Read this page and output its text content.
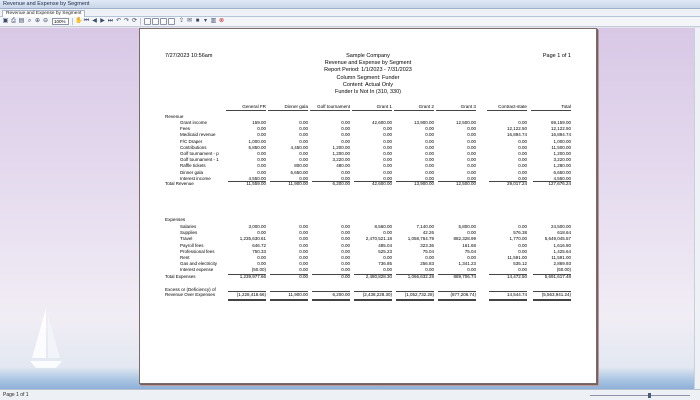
Revenue and Expense by Segment
Revenue and Expense by Segment
▣ ⎙ ▤ ⌕ ⊕ ⊖	100%	✋ ⏮ ◀ ▶ ⏭ ↶ ↷ ⟳	⇪ ✉ ■ ▾ ▥ ⊗
7/27/2023 10:56am	Page 1 of 1
Sample Company
Revenue and Expense by Segment
Report Period: 1/1/2023 - 7/31/2023
Column Segment: Funder
Content: Actual Only
Funder Is Not In (310, 330)
General FR	Dinner gala	Golf tournament	Grant 1	Grant 2	Grant 3	Contract-state	Total
Revenue
Grant income	159.00	0.00	0.00	42,600.00	13,900.00	12,500.00	0.00	69,159.00
Fees	0.00	0.00	0.00	0.00	0.00	0.00	12,122.50	12,122.50
Medicaid revenue	0.00	0.00	0.00	0.00	0.00	0.00	16,894.74	16,894.74
F/C Draper	1,000.00	0.00	0.00	0.00	0.00	0.00	0.00	1,000.00
Contributions	5,850.00	4,450.00	1,200.00	0.00	0.00	0.00	0.00	11,500.00
Golf tournament - p	0.00	0.00	1,200.00	0.00	0.00	0.00	0.00	1,200.00
Golf tournament - 1	0.00	0.00	3,220.00	0.00	0.00	0.00	0.00	3,220.00
Raffle tickets	0.00	800.00	480.00	0.00	0.00	0.00	0.00	1,280.00
Dinner gala	0.00	6,650.00	0.00	0.00	0.00	0.00	0.00	6,650.00
Interest income	4,550.00	0.00	0.00	0.00	0.00	0.00	0.00	4,550.00
Total Revenue	11,559.00	11,900.00	6,200.00	42,600.00	13,900.00	12,500.00	29,017.24	127,676.24
Expenses
Salaries	3,000.00	0.00	0.00	8,560.00	7,140.00	5,800.00	0.00	24,500.00
Supplies	0.00	0.00	0.00	0.00	42.26	0.00	576.38	618.64
Travel	1,235,630.61	0.00	0.00	2,470,521.18	1,058,764.79	882,328.99	1,770.00	5,649,045.57
Payroll fees	646.72	0.00	0.00	485.04	323.36	161.68	0.00	1,616.80
Professional fees	750.33	0.00	0.00	525.23	75.04	75.04	0.00	1,425.64
Rent	0.00	0.00	0.00	0.00	0.00	0.00	11,591.00	11,591.00
Gas and electricity	0.00	0.00	0.00	736.85	256.83	1,341.23	535.12	2,869.93
Interest expense	(50.00)	0.00	0.00	0.00	0.00	0.00	0.00	(50.00)
Total Expenses	1,239,977.66	0.00	0.00	2,480,828.30	1,066,632.28	889,706.74	14,472.50	5,691,617.48
Excess or (Deficiency) of
Revenue Over Expenses	(1,228,418.66)	11,900.00	6,200.00	(2,438,228.30)	(1,052,732.28)	(877,206.74)	14,544.74	(5,563,941.24)
Page 1 of 1
